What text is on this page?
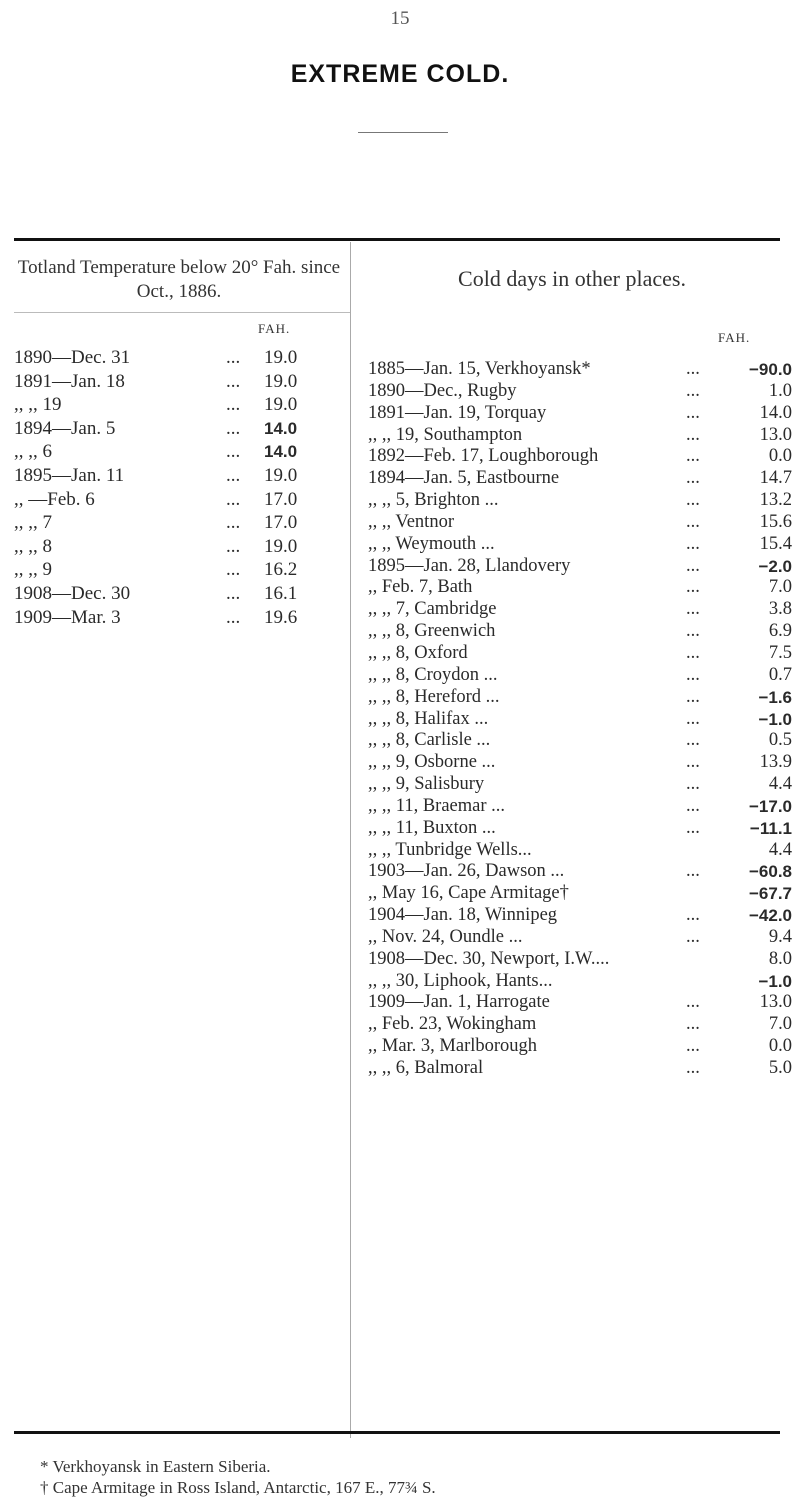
15
EXTREME COLD.
Totland Temperature below 20° Fah. since Oct., 1886.
Cold days in other places.
FAH.
FAH.
1890—Dec. 31	... 19.0
1891—Jan. 18	... 19.0
,, ,, 19	... 19.0
1894—Jan. 5	... 14.0
,, ,, 6	... 14.0
1895—Jan. 11	... 19.0
,, —Feb. 6	... 17.0
,, ,, 7	... 17.0
,, ,, 8	... 19.0
,, ,, 9	... 16.2
1908—Dec. 30	... 16.1
1909—Mar. 3	... 19.6
1885—Jan. 15, Verkhoyansk*	...	−90.0
1890—Dec., Rugby	...	1.0
1891—Jan. 19, Torquay	...	14.0
,, ,, 19, Southampton	...	13.0
1892—Feb. 17, Loughborough	...	0.0
1894—Jan. 5, Eastbourne	...	14.7
,, ,, 5, Brighton ...	...	13.2
,, ,, Ventnor	...	15.6
,, ,, Weymouth ...	...	15.4
1895—Jan. 28, Llandovery	...	−2.0
,, Feb. 7, Bath	...	7.0
,, ,, 7, Cambridge	...	3.8
,, ,, 8, Greenwich	...	6.9
,, ,, 8, Oxford	...	7.5
,, ,, 8, Croydon ...	...	0.7
,, ,, 8, Hereford ...	...	−1.6
,, ,, 8, Halifax ...	...	−1.0
,, ,, 8, Carlisle ...	...	0.5
,, ,, 9, Osborne ...	...	13.9
,, ,, 9, Salisbury	...	4.4
,, ,, 11, Braemar ...	...	−17.0
,, ,, 11, Buxton ...	...	−11.1
,, ,, Tunbridge Wells...	4.4
1903—Jan. 26, Dawson ...	...	−60.8
,, May 16, Cape Armitage†	−67.7
1904—Jan. 18, Winnipeg	...	−42.0
,, Nov. 24, Oundle ...	...	9.4
1908—Dec. 30, Newport, I.W....	8.0
,, ,, 30, Liphook, Hants...	−1.0
1909—Jan. 1, Harrogate	...	13.0
,, Feb. 23, Wokingham	...	7.0
,, Mar. 3, Marlborough	...	0.0
,, ,, 6, Balmoral	...	5.0
* Verkhoyansk in Eastern Siberia.
† Cape Armitage in Ross Island, Antarctic, 167 E., 77¾ S.
